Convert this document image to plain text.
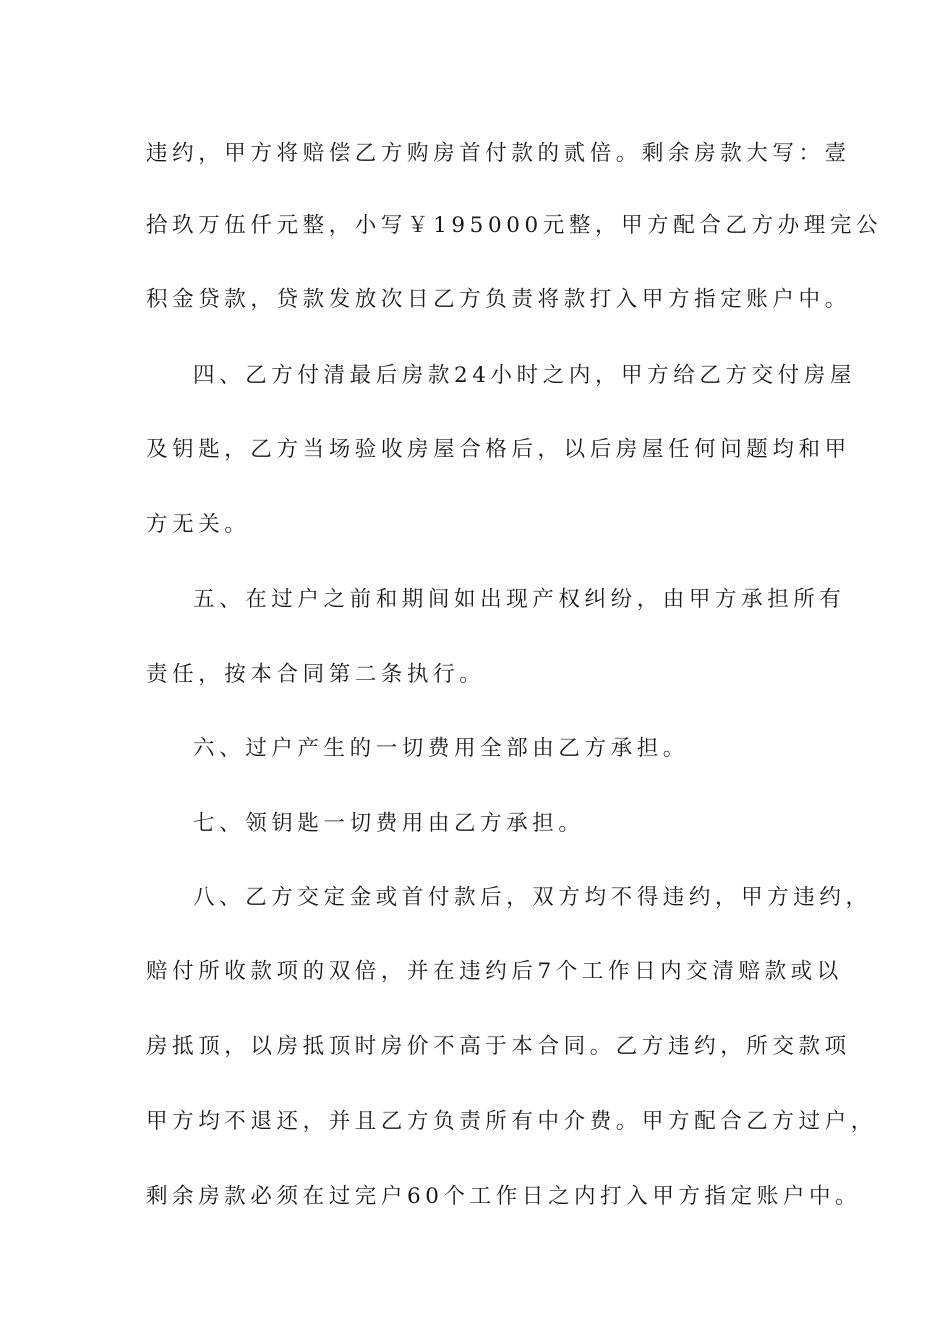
违约，甲方将赔偿乙方购房首付款的贰倍。剩余房款大写：壹
拾玖万伍仟元整，小写￥195000元整，甲方配合乙方办理完公
积金贷款，贷款发放次日乙方负责将款打入甲方指定账户中。
四、乙方付清最后房款24小时之内，甲方给乙方交付房屋
及钥匙，乙方当场验收房屋合格后，以后房屋任何问题均和甲
方无关。
五、在过户之前和期间如出现产权纠纷，由甲方承担所有
责任，按本合同第二条执行。
六、过户产生的一切费用全部由乙方承担。
七、领钥匙一切费用由乙方承担。
八、乙方交定金或首付款后，双方均不得违约，甲方违约，
赔付所收款项的双倍，并在违约后7个工作日内交清赔款或以
房抵顶，以房抵顶时房价不高于本合同。乙方违约，所交款项
甲方均不退还，并且乙方负责所有中介费。甲方配合乙方过户，
剩余房款必须在过完户60个工作日之内打入甲方指定账户中。
